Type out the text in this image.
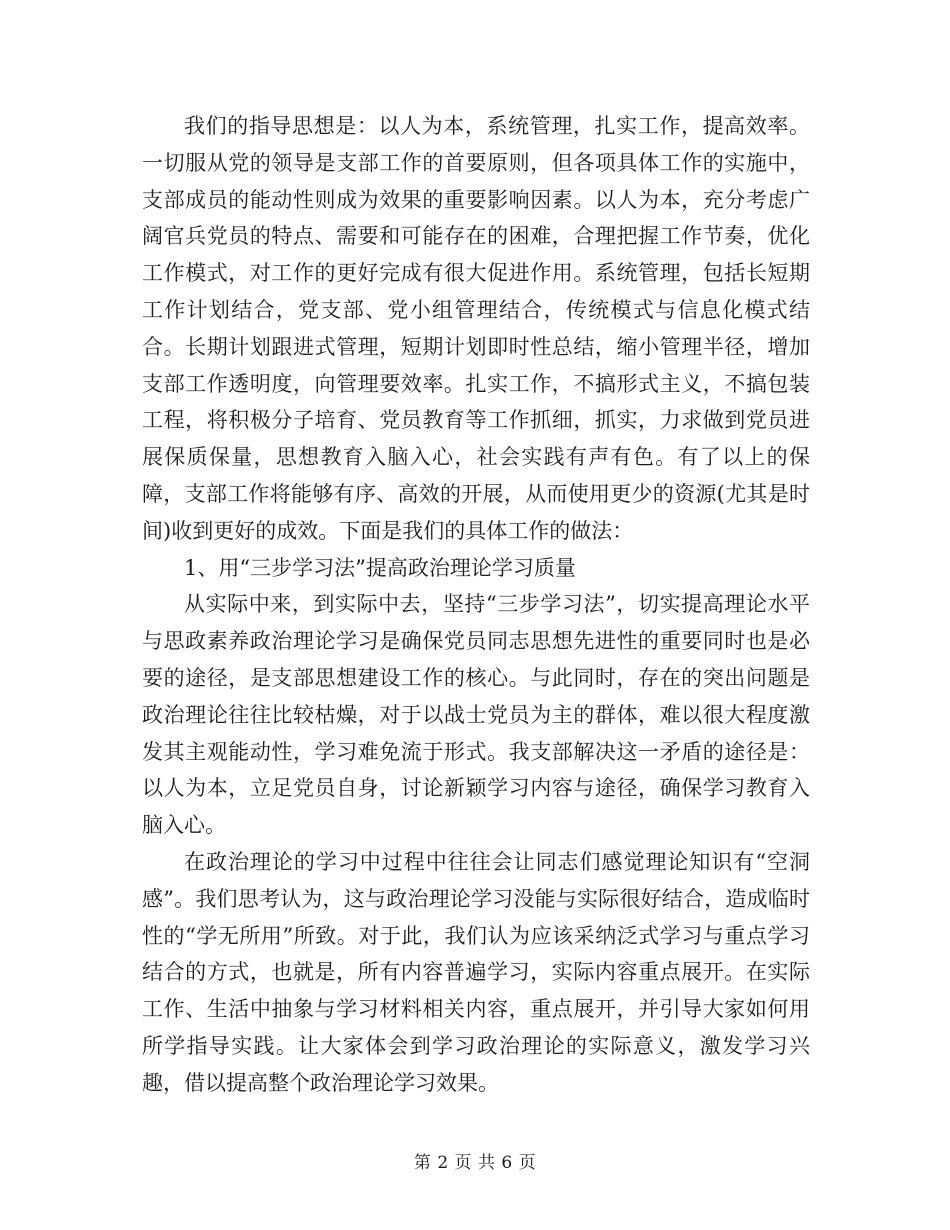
我们的指导思想是：以人为本，系统管理，扎实工作，提高效率。一切服从党的领导是支部工作的首要原则，但各项具体工作的实施中，支部成员的能动性则成为效果的重要影响因素。以人为本，充分考虑广阔官兵党员的特点、需要和可能存在的困难，合理把握工作节奏，优化工作模式，对工作的更好完成有很大促进作用。系统管理，包括长短期工作计划结合，党支部、党小组管理结合，传统模式与信息化模式结合。长期计划跟进式管理，短期计划即时性总结，缩小管理半径，增加支部工作透明度，向管理要效率。扎实工作，不搞形式主义，不搞包装工程，将积极分子培育、党员教育等工作抓细，抓实，力求做到党员进展保质保量，思想教育入脑入心，社会实践有声有色。有了以上的保障，支部工作将能够有序、高效的开展，从而使用更少的资源(尤其是时间)收到更好的成效。下面是我们的具体工作的做法：

1、用“三步学习法”提高政治理论学习质量

从实际中来，到实际中去，坚持“三步学习法”，切实提高理论水平与思政素养政治理论学习是确保党员同志思想先进性的重要同时也是必要的途径，是支部思想建设工作的核心。与此同时，存在的突出问题是政治理论往往比较枯燥，对于以战士党员为主的群体，难以很大程度激发其主观能动性，学习难免流于形式。我支部解决这一矛盾的途径是：以人为本，立足党员自身，讨论新颖学习内容与途径，确保学习教育入脑入心。

在政治理论的学习中过程中往往会让同志们感觉理论知识有“空洞感”。我们思考认为，这与政治理论学习没能与实际很好结合，造成临时性的“学无所用”所致。对于此，我们认为应该采纳泛式学习与重点学习结合的方式，也就是，所有内容普遍学习，实际内容重点展开。在实际工作、生活中抽象与学习材料相关内容，重点展开，并引导大家如何用所学指导实践。让大家体会到学习政治理论的实际意义，激发学习兴趣，借以提高整个政治理论学习效果。

第 2 页 共 6 页
